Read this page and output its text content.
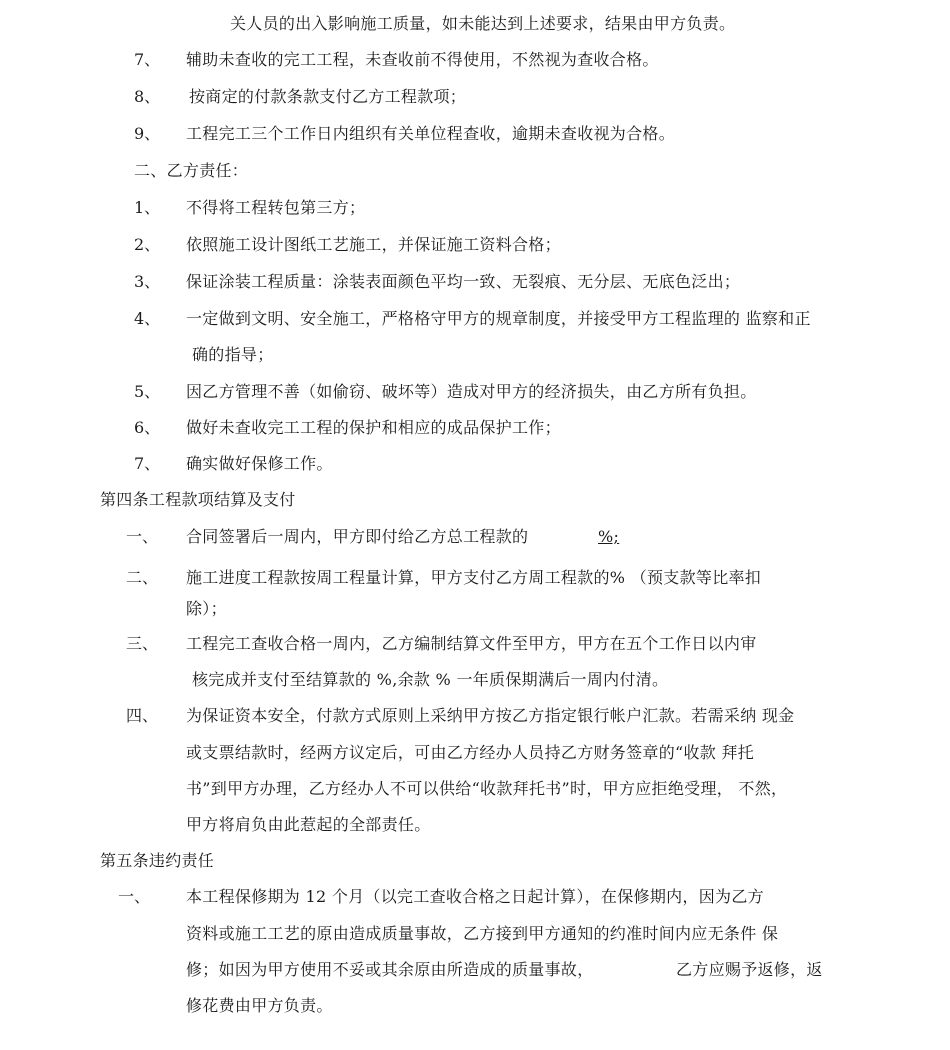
关人员的出入影响施工质量，如未能达到上述要求，结果由甲方负责。
7、 辅助未查收的完工工程，未查收前不得使用，不然视为查收合格。
8、 按商定的付款条款支付乙方工程款项；
9、 工程完工三个工作日内组织有关单位程查收，逾期未查收视为合格。
二、乙方责任：
1、 不得将工程转包第三方；
2、 依照施工设计图纸工艺施工，并保证施工资料合格；
3、 保证涂装工程质量：涂装表面颜色平均一致、无裂痕、无分层、无底色泛出；
4、 一定做到文明、安全施工，严格格守甲方的规章制度，并接受甲方工程监理的 监察和正
确的指导；
5、 因乙方管理不善（如偷窃、破坏等）造成对甲方的经济损失，由乙方所有负担。
6、 做好未查收完工工程的保护和相应的成品保护工作；
7、 确实做好保修工作。
第四条工程款项结算及支付
一、 合同签署后一周内，甲方即付给乙方总工程款的	%;
二、 施工进度工程款按周工程量计算，甲方支付乙方周工程款的% （预支款等比率扣
除）；
三、 工程完工查收合格一周内，乙方编制结算文件至甲方，甲方在五个工作日以内审
核完成并支付至结算款的 %,余款 % 一年质保期满后一周内付清。
四、 为保证资本安全，付款方式原则上采纳甲方按乙方指定银行帐户汇款。若需采纳 现金
或支票结款时，经两方议定后，可由乙方经办人员持乙方财务签章的“收款 拜托
书”到甲方办理，乙方经办人不可以供给“收款拜托书”时，甲方应拒绝受理， 不然，
甲方将肩负由此惹起的全部责任。
第五条违约责任
一、 本工程保修期为 12 个月（以完工查收合格之日起计算），在保修期内，因为乙方
资料或施工工艺的原由造成质量事故，乙方接到甲方通知的约准时间内应无条件 保
修；如因为甲方使用不妥或其余原由所造成的质量事故，	乙方应赐予返修，返
修花费由甲方负责。
